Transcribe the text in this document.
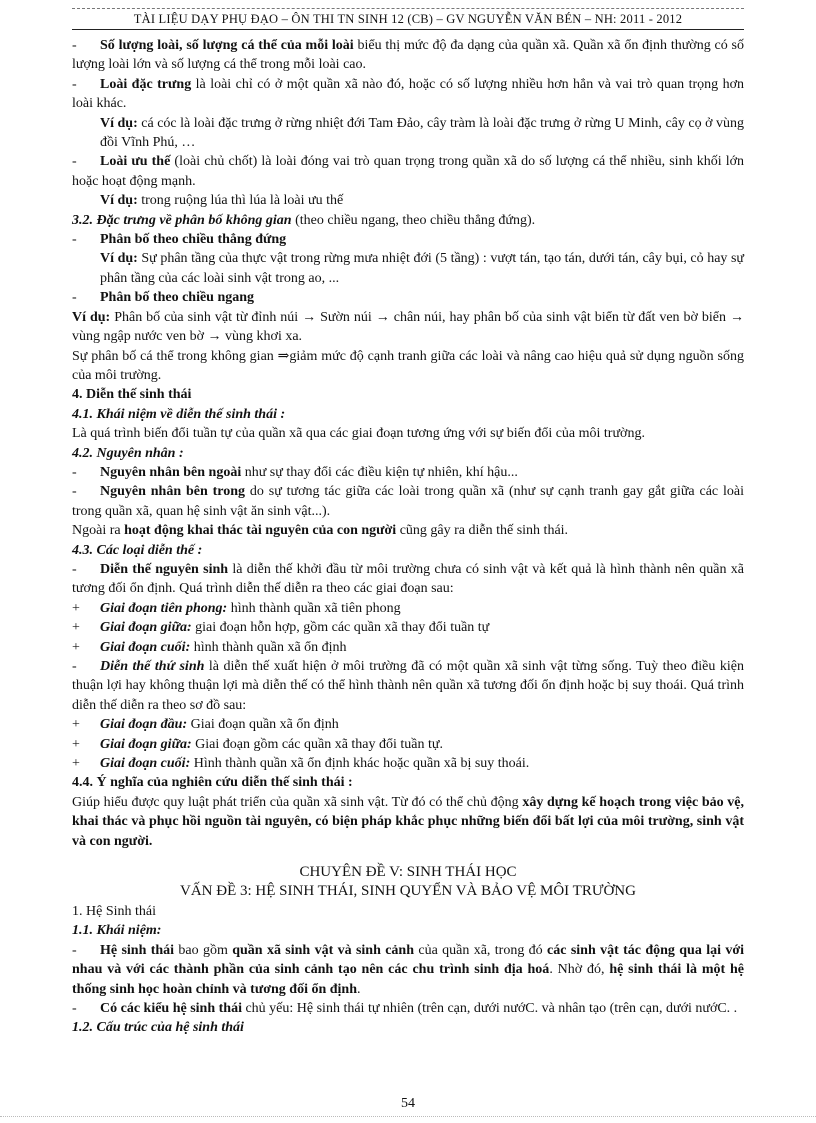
TÀI LIỆU DẠY PHỤ ĐẠO – ÔN THI TN SINH 12 (CB) – GV NGUYỄN VĂN BÉN – NH: 2011 - 2012

- Số lượng loài, số lượng cá thể của mỗi loài biểu thị mức độ đa dạng của quần xã. Quần xã ổn định thường có số lượng loài lớn và số lượng cá thể trong mỗi loài cao.

- Loài đặc trưng là loài chỉ có ở một quần xã nào đó, hoặc có số lượng nhiều hơn hẳn và vai trò quan trọng hơn loài khác.

Ví dụ: cá cóc là loài đặc trưng ở rừng nhiệt đới Tam Đảo, cây tràm là loài đặc trưng ở rừng U Minh, cây cọ ở vùng đồi Vĩnh Phú, …

- Loài ưu thế (loài chủ chốt) là loài đóng vai trò quan trọng trong quần xã do số lượng cá thể nhiều, sinh khối lớn hoặc hoạt động mạnh.

Ví dụ: trong ruộng lúa thì lúa là loài ưu thế

3.2. Đặc trưng về phân bố không gian (theo chiều ngang, theo chiều thẳng đứng).

- Phân bố theo chiều thẳng đứng

Ví dụ: Sự phân tầng của thực vật trong rừng mưa nhiệt đới (5 tầng) : vượt tán, tạo tán, dưới tán, cây bụi, cỏ hay sự phân tầng của các loài sinh vật trong ao, ...

- Phân bố theo chiều ngang

Ví dụ: Phân bố của sinh vật từ đỉnh núi → Sườn núi → chân núi, hay phân bố của sinh vật biển từ đất ven bờ biển → vùng ngập nước ven bờ → vùng khơi xa.

Sự phân bố cá thể trong không gian ⇒giảm mức độ cạnh tranh giữa các loài và nâng cao hiệu quả sử dụng nguồn sống của môi trường.

4. Diễn thế sinh thái

4.1. Khái niệm về diễn thế sinh thái :

Là quá trình biến đổi tuần tự của quần xã qua các giai đoạn tương ứng với sự biến đổi của môi trường.

4.2. Nguyên nhân :

- Nguyên nhân bên ngoài như sự thay đổi các điều kiện tự nhiên, khí hậu...

- Nguyên nhân bên trong do sự tương tác giữa các loài trong quần xã (như sự cạnh tranh gay gắt giữa các loài trong quần xã, quan hệ sinh vật ăn sinh vật...).

Ngoài ra hoạt động khai thác tài nguyên của con người cũng gây ra diễn thế sinh thái.

4.3. Các loại diễn thế :

- Diễn thế nguyên sinh là diễn thế khởi đầu từ môi trường chưa có sinh vật và kết quả là hình thành nên quần xã tương đối ổn định. Quá trình diễn thế diễn ra theo các giai đoạn sau:

+ Giai đoạn tiên phong: hình thành quần xã tiên phong

+ Giai đoạn giữa: giai đoạn hỗn hợp, gồm các quần xã thay đổi tuần tự

+ Giai đoạn cuối: hình thành quần xã ổn định

- Diễn thế thứ sinh là diễn thế xuất hiện ở môi trường đã có một quần xã sinh vật từng sống. Tuỳ theo điều kiện thuận lợi hay không thuận lợi mà diễn thế có thể hình thành nên quần xã tương đối ổn định hoặc bị suy thoái. Quá trình diễn thế diễn ra theo sơ đồ sau:

+ Giai đoạn đầu: Giai đoạn quần xã ổn định

+ Giai đoạn giữa: Giai đoạn gồm các quần xã thay đổi tuần tự.

+ Giai đoạn cuối: Hình thành quần xã ổn định khác hoặc quần xã bị suy thoái.

4.4. Ý nghĩa của nghiên cứu diễn thế sinh thái :

Giúp hiểu được quy luật phát triển của quần xã sinh vật. Từ đó có thể chủ động xây dựng kế hoạch trong việc bảo vệ, khai thác và phục hồi nguồn tài nguyên, có biện pháp khắc phục những biến đổi bất lợi của môi trường, sinh vật và con người.

CHUYÊN ĐỀ V: SINH THÁI HỌC

VẤN ĐỀ 3: HỆ SINH THÁI, SINH QUYỂN VÀ BẢO VỆ MÔI TRƯỜNG

1. Hệ Sinh thái

1.1. Khái niệm:

- Hệ sinh thái bao gồm quần xã sinh vật và sinh cảnh của quần xã, trong đó các sinh vật tác động qua lại với nhau và với các thành phần của sinh cảnh tạo nên các chu trình sinh địa hoá. Nhờ đó, hệ sinh thái là một hệ thống sinh học hoàn chỉnh và tương đối ổn định.

- Có các kiểu hệ sinh thái chủ yếu: Hệ sinh thái tự nhiên (trên cạn, dưới nướC. và nhân tạo (trên cạn, dưới nướC. .

1.2. Cấu trúc của hệ sinh thái

54
